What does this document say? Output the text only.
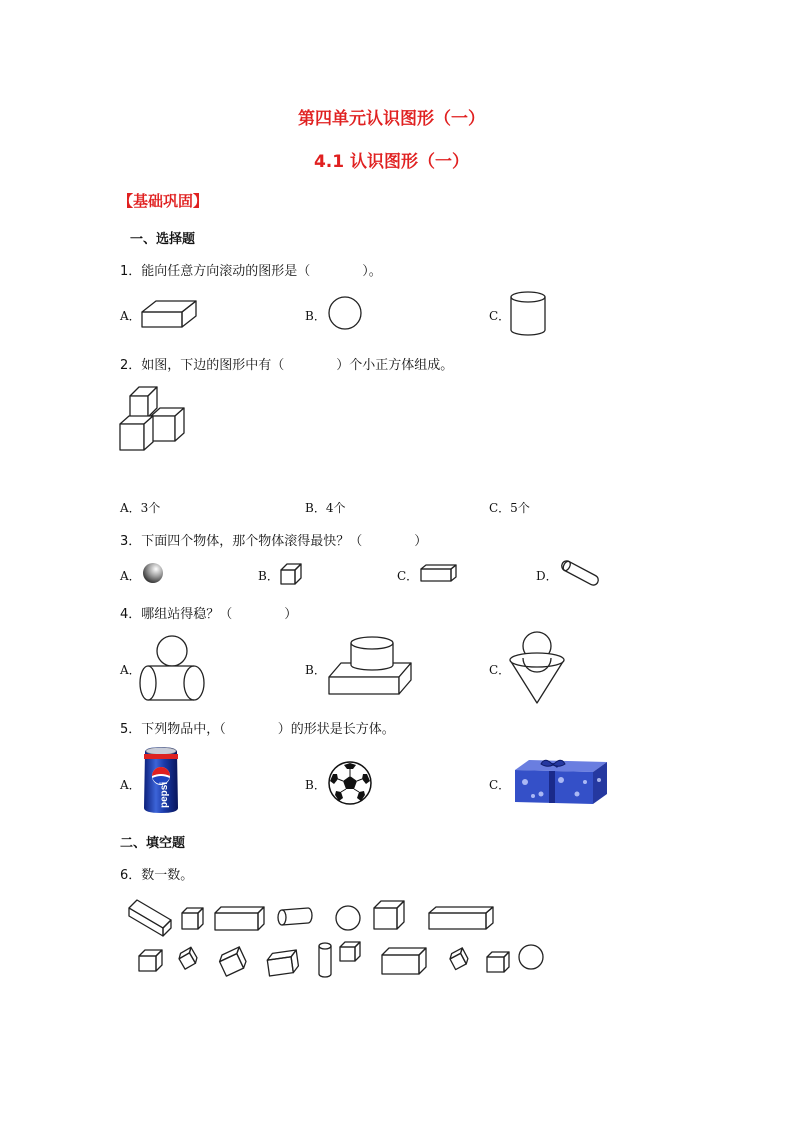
第四单元认识图形（一）
4.1 认识图形（一）
【基础巩固】
一、选择题
1．能向任意方向滚动的图形是（　　　　）。
A．	B．	C．
2．如图，下边的图形中有（　　　　）个小正方体组成。
A．3个	B．4个	C．5个
3．下面四个物体，那个物体滚得最快？（　　　　）
A．	B．	C．	D．
4．哪组站得稳？（　　　　）
A．	B．	C．
5．下列物品中，（　　　　）的形状是长方体。
A． pepsi	B．	C．
二、填空题
6．数一数。
